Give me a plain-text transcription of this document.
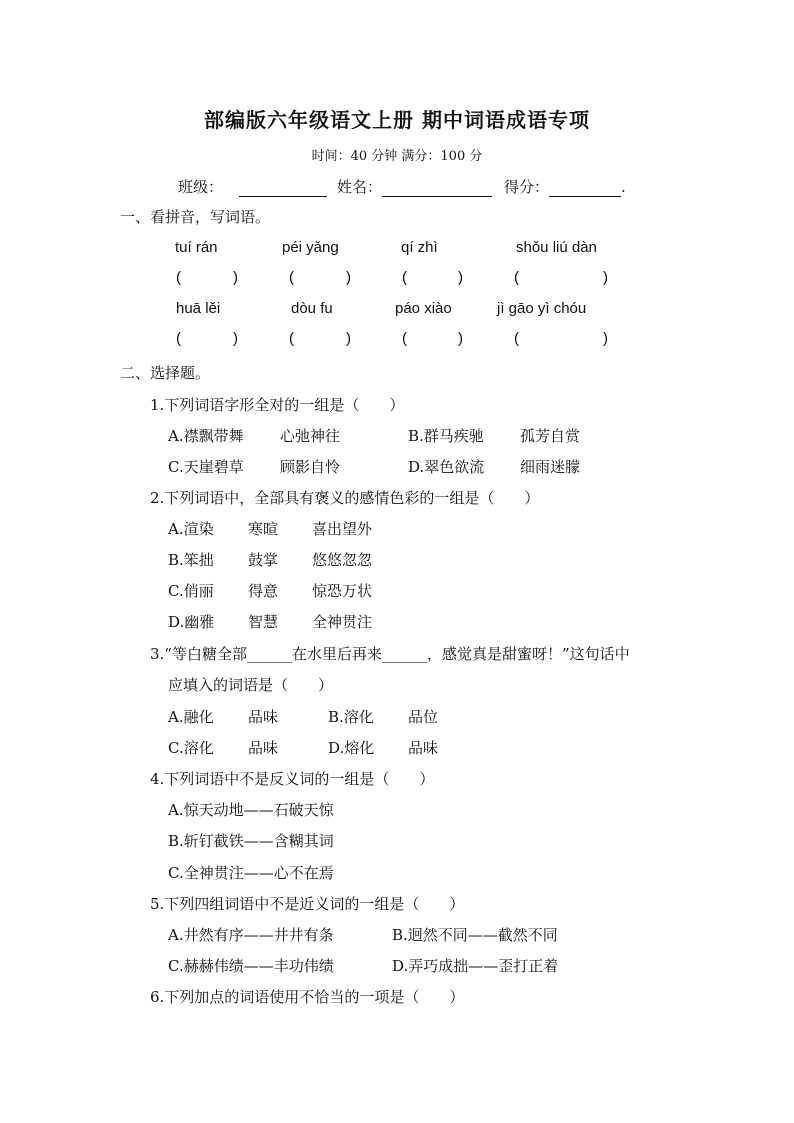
部编版六年级语文上册 期中词语成语专项
时间：40 分钟 满分：100 分
班级：	姓名：	得分：	.
一、看拼音，写词语。
tuí rán	péi yǎng	qí zhì	shǒu liú dàn
(	)	(	)	(	)	(	)
huā lěi	dòu fu	páo xiào	jì gāo yì chóu
(	)	(	)	(	)	(	)
二、选择题。
1.下列词语字形全对的一组是（　　）
A.襟飘带舞 心弛神往	B.群马疾驰 孤芳自赏
C.天崖碧草 顾影自怜	D.翠色欲流 细雨迷朦
2.下列词语中，全部具有褒义的感情色彩的一组是（　　）
A.渲染 寒暄 喜出望外
B.笨拙 鼓掌 悠悠忽忽
C.俏丽 得意 惊恐万状
D.幽雅 智慧 全神贯注
3.“等白糖全部______在水里后再来______，感觉真是甜蜜呀！”这句话中
应填入的词语是（　　）
A.融化 品味	B.溶化 品位
C.溶化 品味	D.熔化 品味
4.下列词语中不是反义词的一组是（　　）
A.惊天动地——石破天惊
B.斩钉截铁——含糊其词
C.全神贯注——心不在焉
5.下列四组词语中不是近义词的一组是（　　）
A.井然有序——井井有条	B.迥然不同——截然不同
C.赫赫伟绩——丰功伟绩	D.弄巧成拙——歪打正着
6.下列加点的词语使用不恰当的一项是（　　）
